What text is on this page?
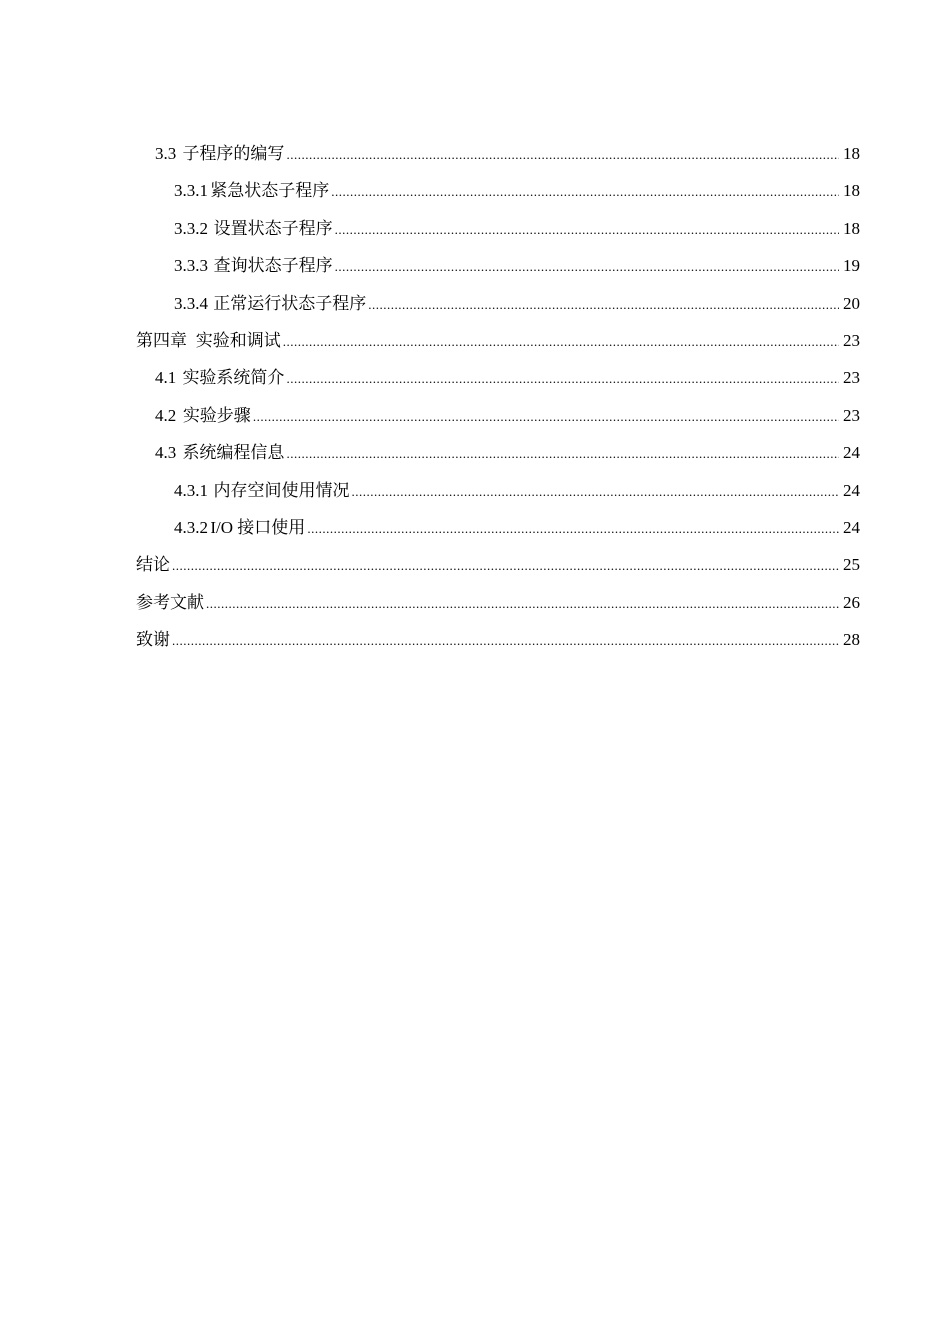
3.3 子程序的编写 .....	18
3.3.1 紧急状态子程序 .....	18
3.3.2 设置状态子程序 .....	18
3.3.3 查询状态子程序 .....	19
3.3.4 正常运行状态子程序 .....	20
第四章 实验和调试 .....	23
4.1 实验系统简介 .....	23
4.2 实验步骤 .....	23
4.3 系统编程信息 .....	24
4.3.1 内存空间使用情况 .....	24
4.3.2 I/O 接口使用 .....	24
结论 .....	25
参考文献 .....	26
致谢 .....	28
